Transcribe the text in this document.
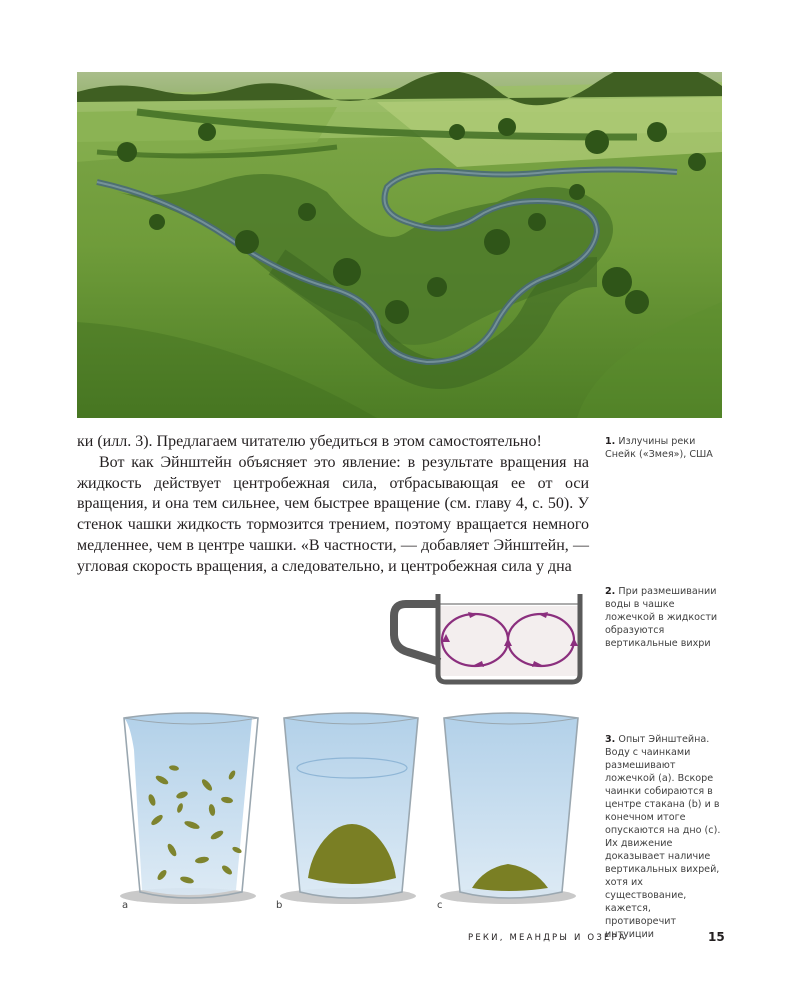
ки (илл. 3). Предлагаем читателю убедиться в этом самостоятельно!

Вот как Эйнштейн объясняет это явление: в результате вращения на жидкость действует центробежная сила, отбрасывающая ее от оси вращения, и она тем сильнее, чем быстрее вращение (см. главу 4, с. 50). У стенок чашки жидкость тормозится трением, поэтому вращается немного медленнее, чем в центре чашки. «В частности, — добавляет Эйнштейн, — угловая скорость вращения, а следовательно, и центробежная сила у дна

1. Излучины реки Снейк («Змея»), США
2. При размешивании воды в чашке ложечкой в жидкости образуются вертикальные вихри
a	b	c
3. Опыт Эйнштейна. Воду с чаинками размешивают ложечкой (a). Вскоре чаинки собираются в центре стакана (b) и в конечном итоге опускаются на дно (c). Их движение доказывает наличие вертикальных вихрей, хотя их существование, кажется, противоречит интуиции
РЕКИ, МЕАНДРЫ И ОЗЕРА	15
